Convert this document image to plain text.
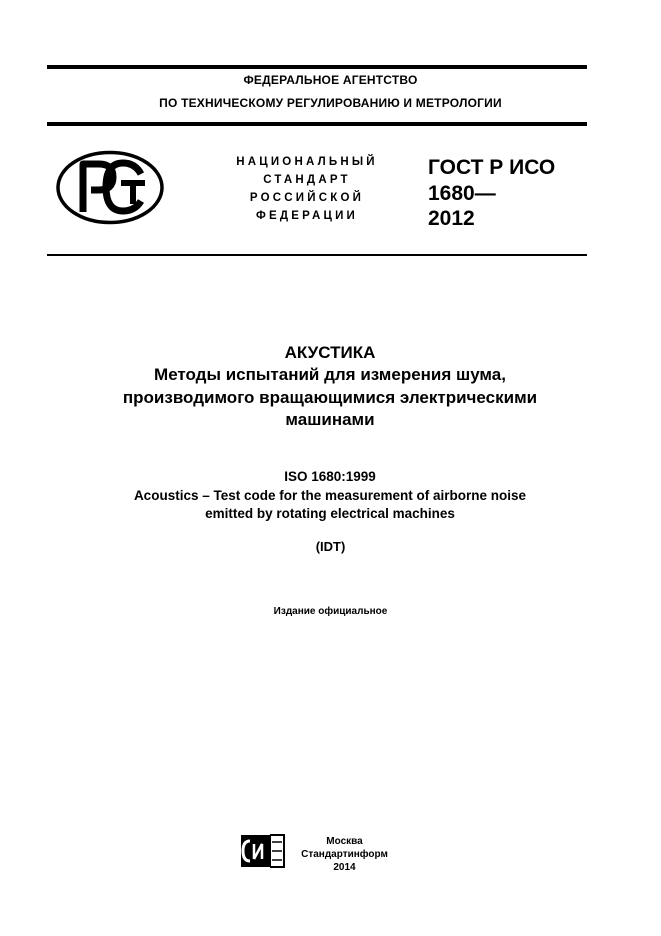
ФЕДЕРАЛЬНОЕ АГЕНТСТВО
ПО ТЕХНИЧЕСКОМУ РЕГУЛИРОВАНИЮ И МЕТРОЛОГИИ
НАЦИОНАЛЬНЫЙ
СТАНДАРТ
РОССИЙСКОЙ
ФЕДЕРАЦИИ
ГОСТ Р ИСО
1680—
2012
АКУСТИКА
Методы испытаний для измерения шума,
производимого вращающимися электрическими
машинами
ISO 1680:1999
Acoustics – Test code for the measurement of airborne noise
emitted by rotating electrical machines
(IDT)
Издание официальное
Москва
Стандартинформ
2014
